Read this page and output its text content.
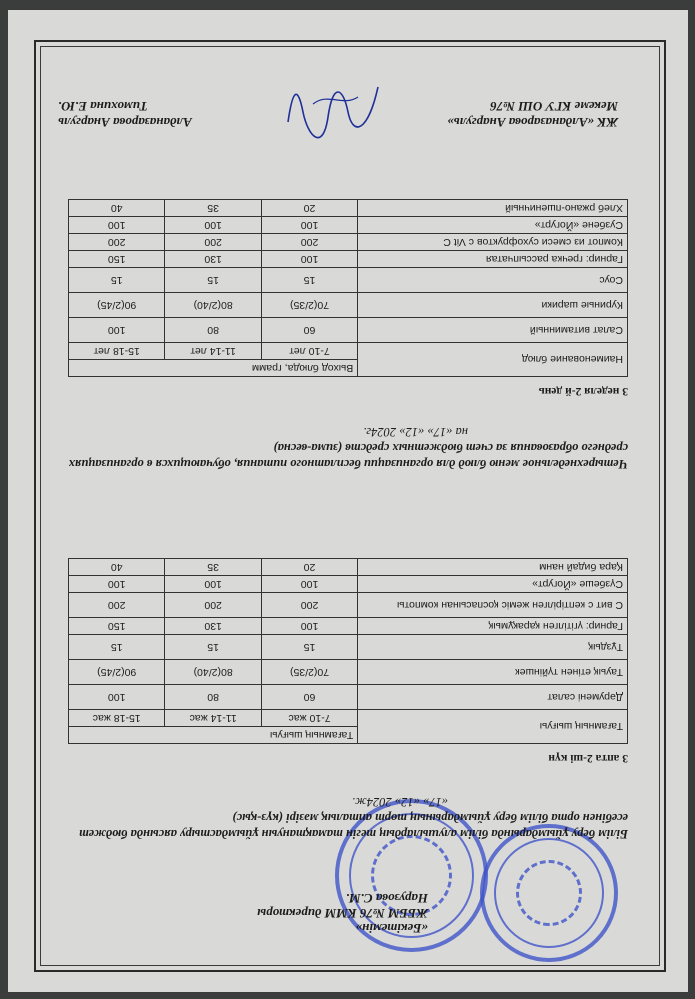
«Бекітемін»
ЖББМ №76 КММ директоры
Нарузова С.М.
Білім беру ұйымдарында білім алушылардың тегін тамақтануын ұйымдастыру аясында бюджет есебінен орта білім беру ұйымдарының төрт апталық мәзірі (күз-қыс)
«17» «12» 2024ж.
3 апта 2-ші күн
Тағамның шығуы	Тағамның шығуы		
	7-10 жас	11-14 жас	15-18 жас
Дәрумені салат	60	80	100
Тауық етінен түйіншек	70(2/35)	80(2/40)	90(2/45)
Тұздық	15	15	15
Гарнир: үгітілген қарақұмық	100	130	150
С вит с кептірілген жеміс қоспасынан компоты	200	200	200
Сүзбеше «Йогурт»	100	100	100
Қара бидай нанм	20	35	40
Четырехнедельное меню блюд для организации бесплатного питания, обучающихся в организациях среднего образования за счет бюджетных средств (зима-весна)
на «17» «12» 2024г.
3 неделя 2-й день
Наименование блюд	Выход блюда, грамм		
	7-10 лет	11-14 лет	15-18 лет
Салат витаминный	60	80	100
Куриные шарики	70(2/35)	80(2/40)	90(2/45)
Соус	15	15	15
Гарнир: гречка рассыпчатая	100	130	150
Компот из смеси сухофруктов с Vit C	200	200	200
Сузбене «Йогурт»	100	100	100
Хлеб ржано-пшеничный	20	35	40
ЖК «Алданазарова Анаргуль»
Мекеме КГУ ОШ №76
Алданазарова Анаргуль
Тимохина Е.Ю.
